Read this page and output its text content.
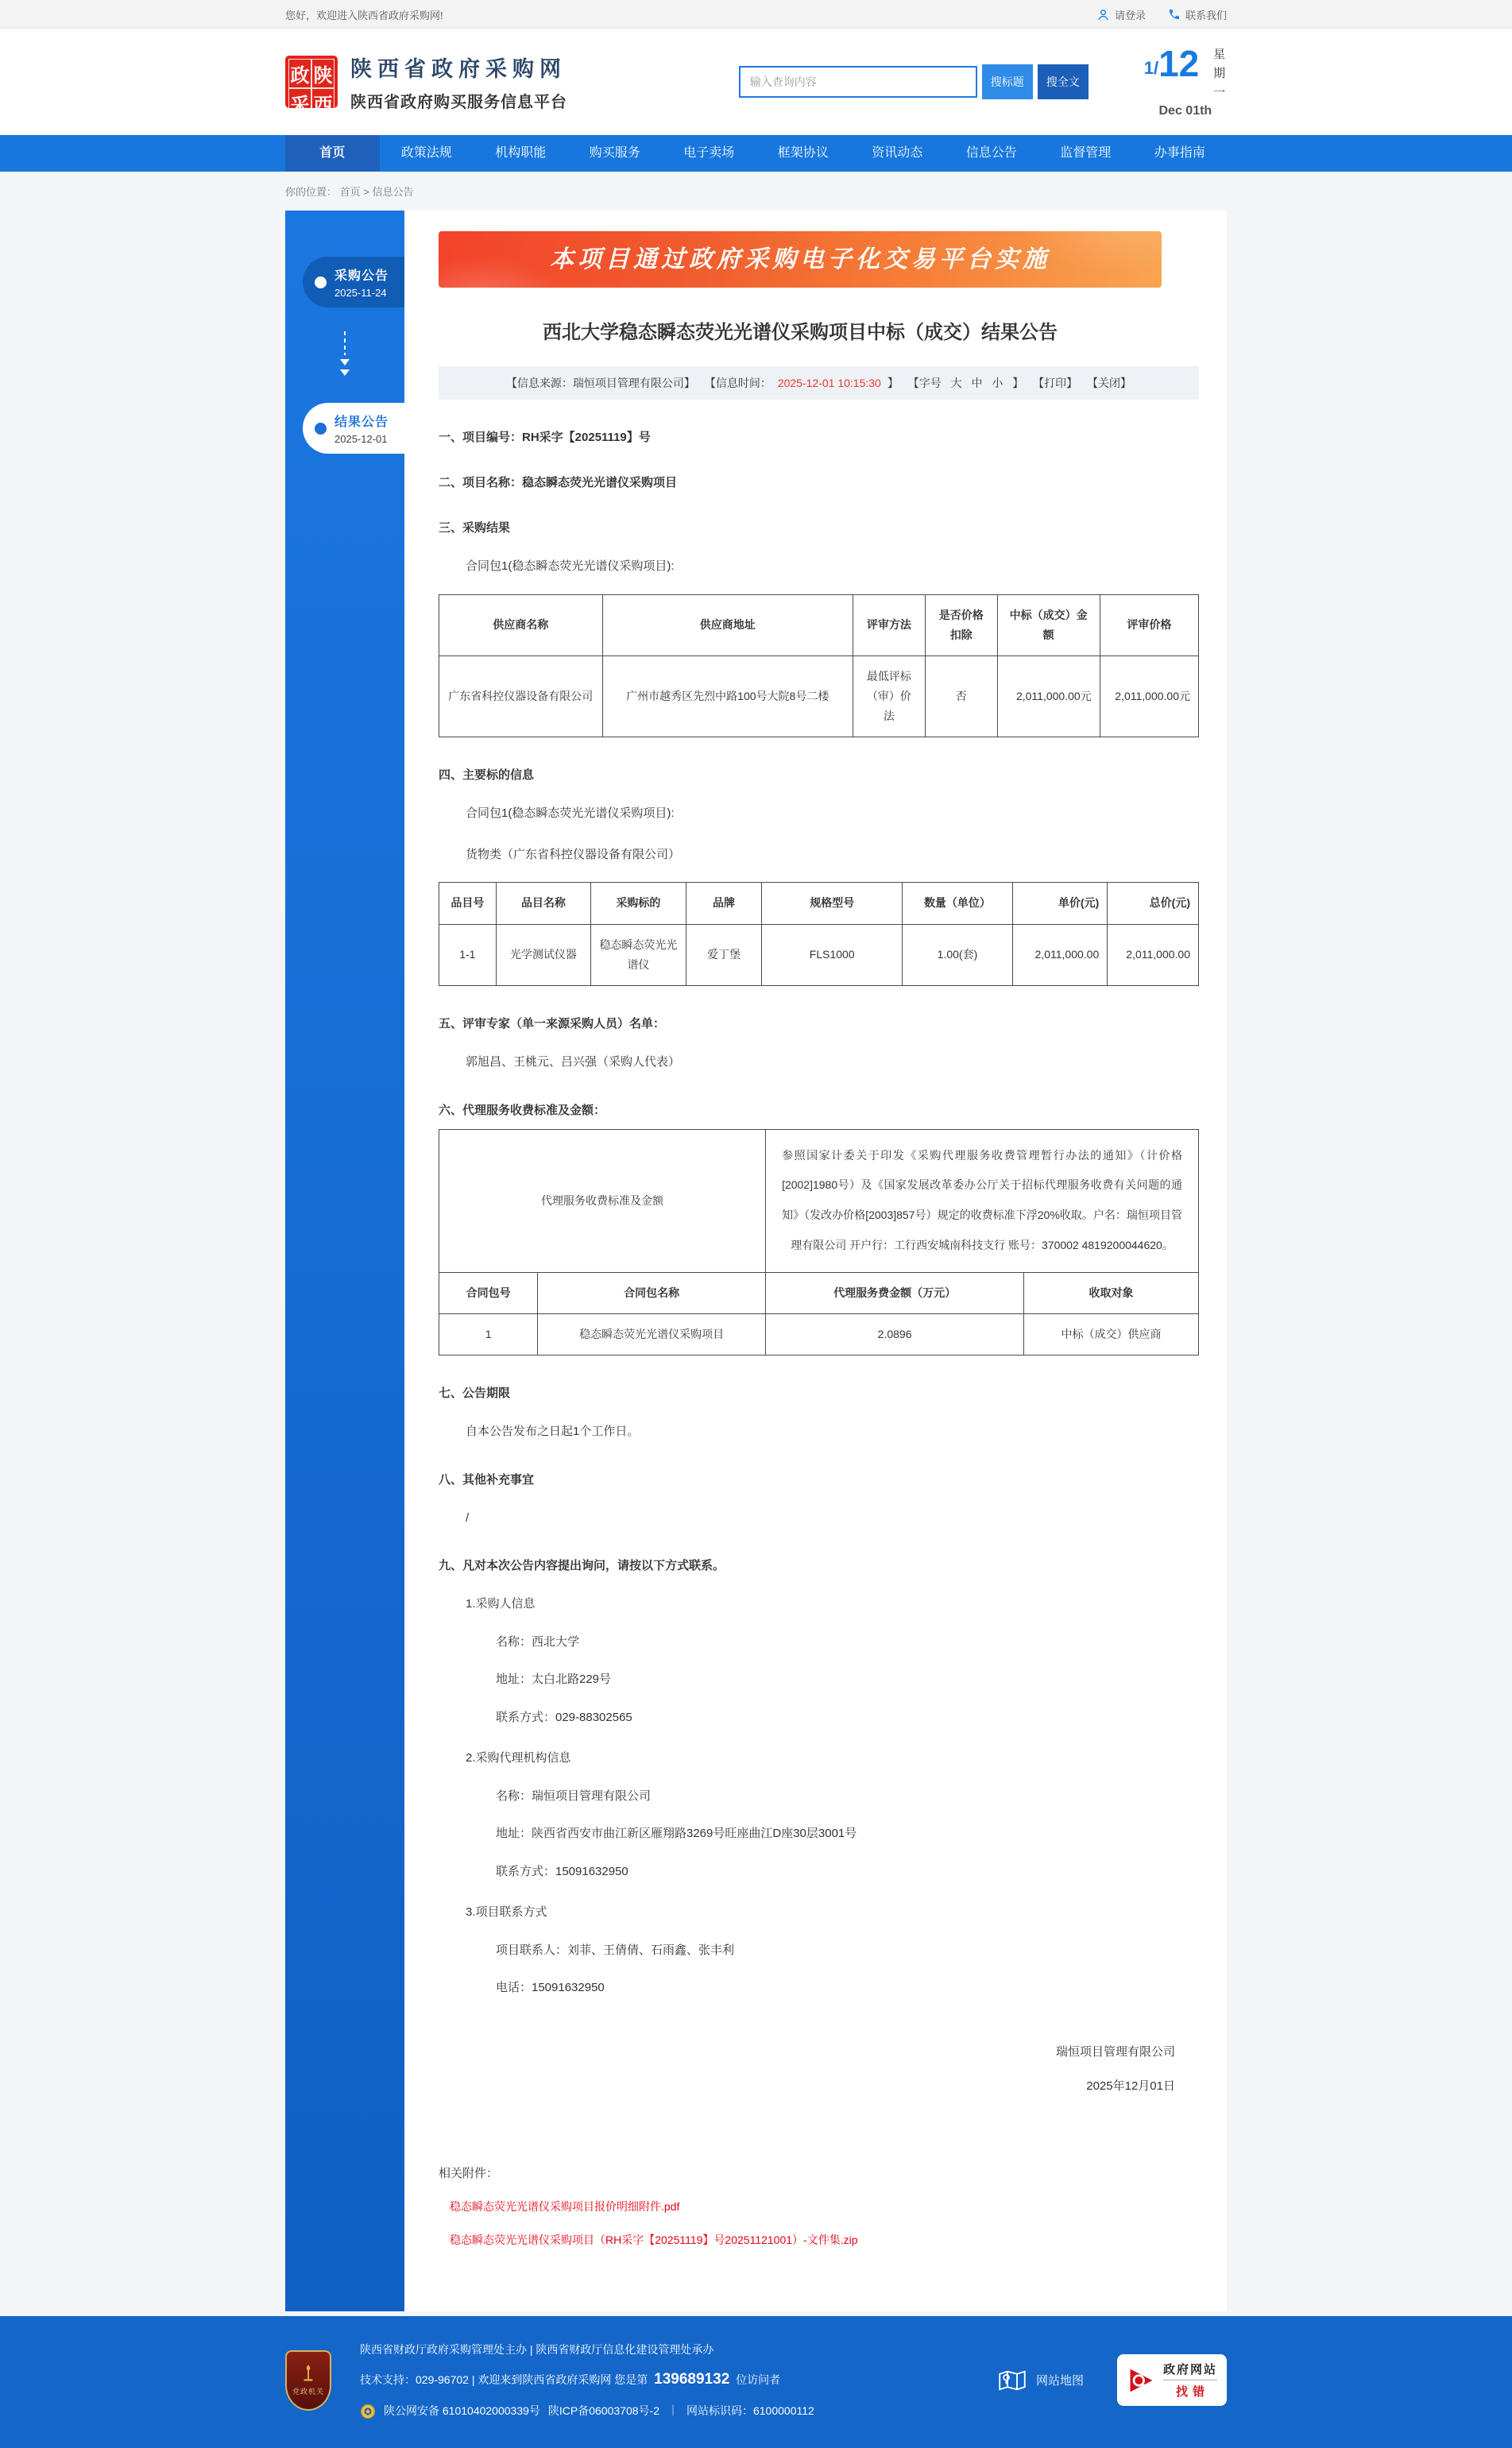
您好，欢迎进入陕西省政府采购网!	请登录	联系我们
政 陕
采 西
陕西省政府采购网
陕西省政府购买服务信息平台
输入查询内容
搜标题	搜全文
1/ 12 星期一
Dec 01th
首页	政策法规	机构职能	购买服务	电子卖场	框架协议	资讯动态	信息公告	监督管理	办事指南
你的位置： 首页 > 信息公告
采购公告
2025-11-24
结果公告
2025-12-01
本项目通过政府采购电子化交易平台实施
西北大学稳态瞬态荧光光谱仪采购项目中标（成交）结果公告
【信息来源：瑞恒项目管理有限公司】 【信息时间： 2025-12-01 10:15:30 】 【字号 大 中 小 】 【打印】 【关闭】
一、项目编号：RH采字【20251119】号
二、项目名称：稳态瞬态荧光光谱仪采购项目
三、采购结果

合同包1(稳态瞬态荧光光谱仪采购项目):

供应商名称	供应商地址	评审方法	是否价格扣除	中标（成交）金额	评审价格
广东省科控仪器设备有限公司	广州市越秀区先烈中路100号大院8号二楼	最低评标（审）价法	否	2,011,000.00元	2,011,000.00元
四、主要标的信息

合同包1(稳态瞬态荧光光谱仪采购项目):

货物类（广东省科控仪器设备有限公司）

品目号	品目名称	采购标的	品牌	规格型号	数量（单位）	单价(元)	总价(元)
1-1	光学测试仪器	稳态瞬态荧光光谱仪	爱丁堡	FLS1000	1.00(套)	2,011,000.00	2,011,000.00
五、评审专家（单一来源采购人员）名单：

郭旭昌、王桃元、吕兴强（采购人代表）

六、代理服务收费标准及金额：
代理服务收费标准及金额		参照国家计委关于印发《采购代理服务收费管理暂行办法的通知》（计价格[2002]1980号）及《国家发展改革委办公厅关于招标代理服务收费有关问题的通知》（发改办价格[2003]857号）规定的收费标准下浮20%收取。户名：瑞恒项目管理有限公司 开户行：工行西安城南科技支行 账号：370002 4819200044620。	
合同包号	合同包名称	代理服务费金额（万元）	收取对象
1	稳态瞬态荧光光谱仪采购项目	2.0896	中标（成交）供应商
七、公告期限

自本公告发布之日起1个工作日。

八、其他补充事宜

/

九、凡对本次公告内容提出询问，请按以下方式联系。

1.采购人信息

名称：西北大学

地址：太白北路229号

联系方式：029-88302565

2.采购代理机构信息

名称：瑞恒项目管理有限公司

地址：陕西省西安市曲江新区雁翔路3269号旺座曲江D座30层3001号

联系方式：15091632950

3.项目联系方式

项目联系人：刘菲、王倩倩、石雨鑫、张丰利

电话：15091632950

瑞恒项目管理有限公司
2025年12月01日
相关附件：
稳态瞬态荧光光谱仪采购项目报价明细附件.pdf
稳态瞬态荧光光谱仪采购项目（RH采字【20251119】号20251121001）-文件集.zip
党政机关
陕西省财政厅政府采购管理处主办 | 陕西省财政厅信息化建设管理处承办
技术支持：029-96702 | 欢迎来到陕西省政府采购网 您是第 139689132 位访问者
陕公网安备 61010402000339号 陕ICP备06003708号-2 ｜ 网站标识码：6100000112
网站地图
政府网站
找错
